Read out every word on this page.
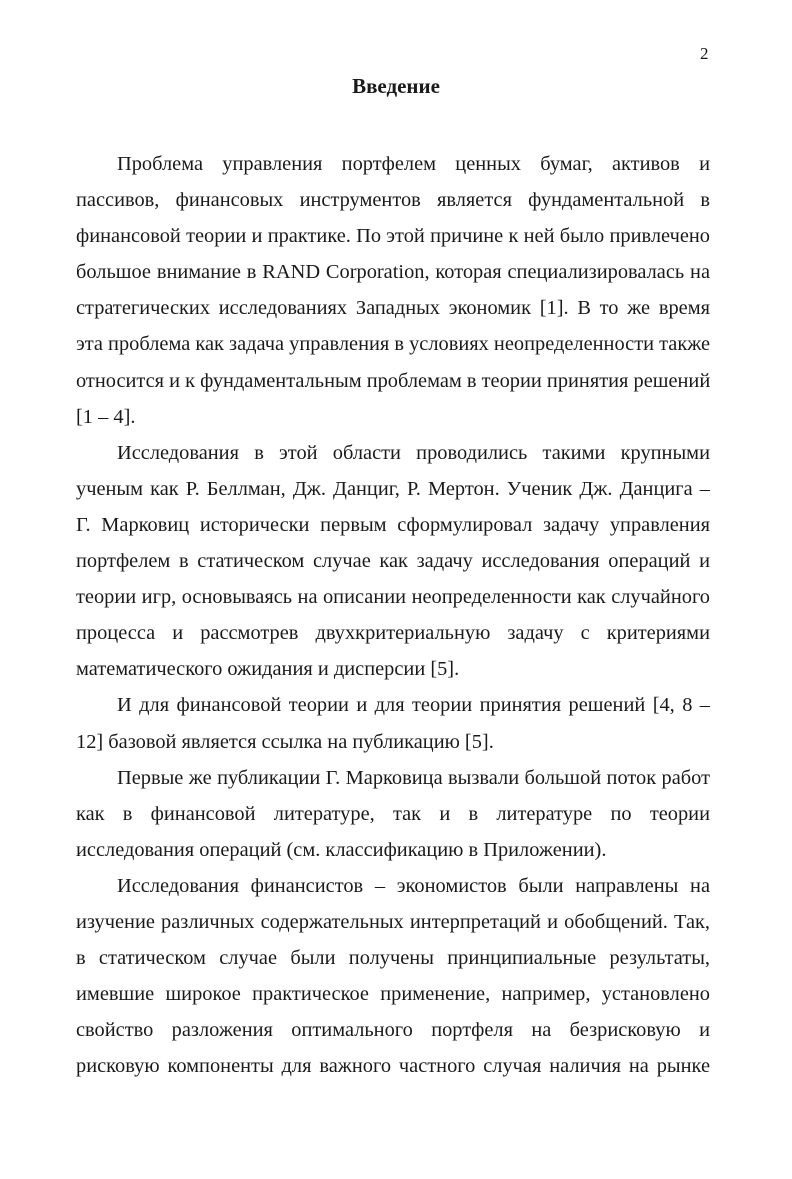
2
Введение
Проблема управления портфелем ценных бумаг, активов и
пассивов, финансовых инструментов является фундаментальной в
финансовой теории и практике. По этой причине к ней было привлечено
большое внимание в RAND Corporation, которая специализировалась на
стратегических исследованиях Западных экономик [1]. В то же время
эта проблема как задача управления в условиях неопределенности также
относится и к фундаментальным проблемам в теории принятия решений
[1 – 4].
Исследования в этой области проводились такими крупными
ученым как Р. Беллман, Дж. Данциг, Р. Мертон. Ученик Дж. Данцига –
Г. Марковиц исторически первым сформулировал задачу управления
портфелем в статическом случае как задачу исследования операций и
теории игр, основываясь на описании неопределенности как случайного
процесса и рассмотрев двухкритериальную задачу с критериями
математического ожидания и дисперсии [5].
И для финансовой теории и для теории принятия решений [4, 8 –
12] базовой является ссылка на публикацию [5].
Первые же публикации Г. Марковица вызвали большой поток работ
как в финансовой литературе, так и в литературе по теории
исследования операций (см. классификацию в Приложении).
Исследования финансистов – экономистов были направлены на
изучение различных содержательных интерпретаций и обобщений. Так,
в статическом случае были получены принципиальные результаты,
имевшие широкое практическое применение, например, установлено
свойство разложения оптимального портфеля на безрисковую и
рисковую компоненты для важного частного случая наличия на рынке
